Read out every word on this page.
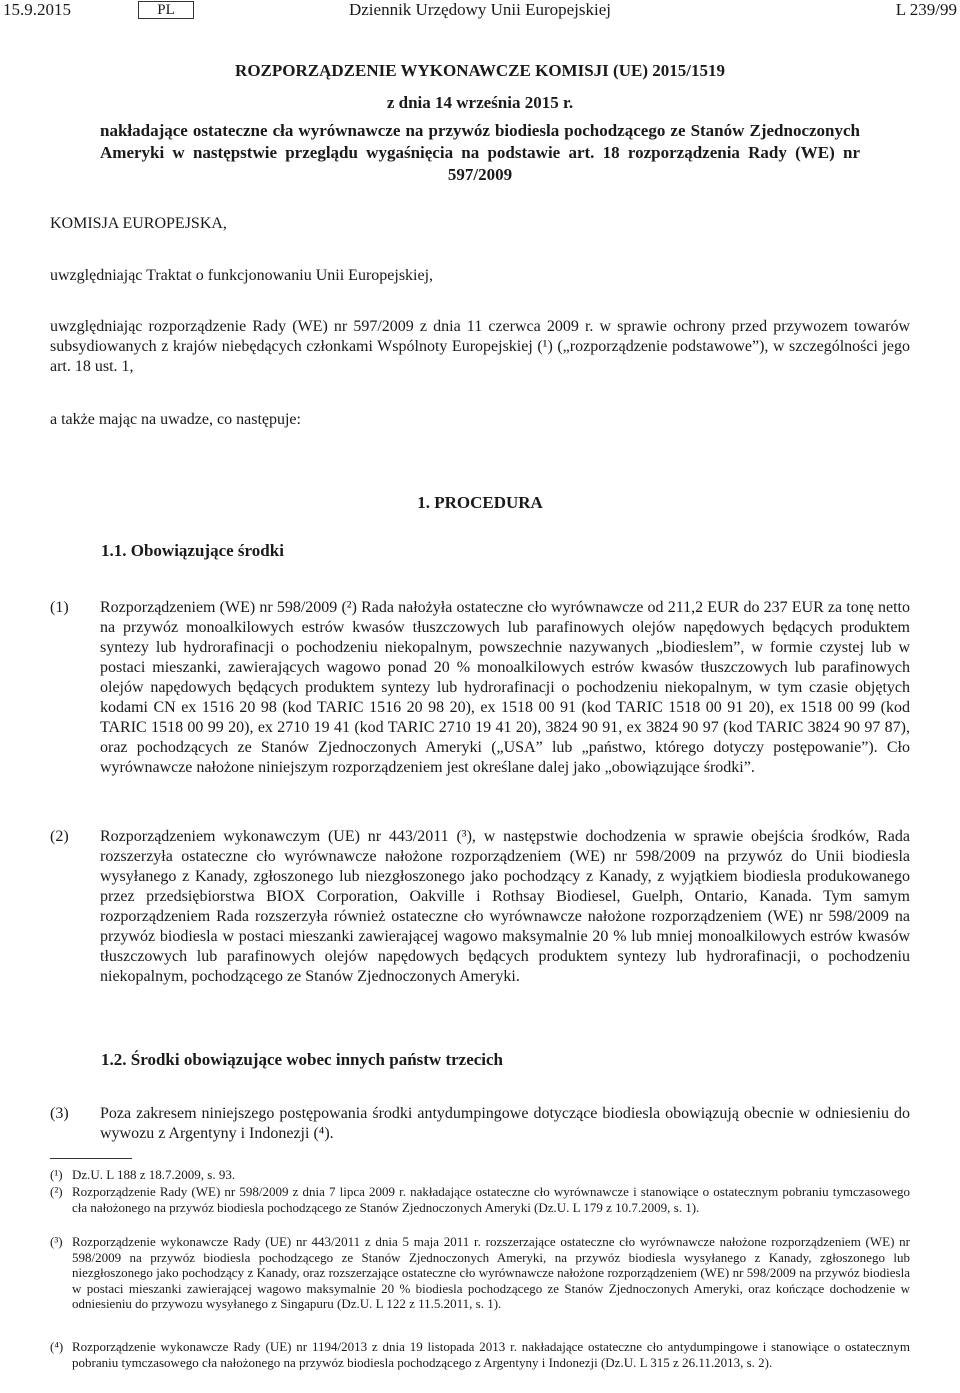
15.9.2015	PL	Dziennik Urzędowy Unii Europejskiej	L 239/99
ROZPORZĄDZENIE WYKONAWCZE KOMISJI (UE) 2015/1519
z dnia 14 września 2015 r.
nakładające ostateczne cła wyrównawcze na przywóz biodiesla pochodzącego ze Stanów Zjednoczonych Ameryki w następstwie przeglądu wygaśnięcia na podstawie art. 18 rozporządzenia Rady (WE) nr 597/2009
KOMISJA EUROPEJSKA,
uwzględniając Traktat o funkcjonowaniu Unii Europejskiej,
uwzględniając rozporządzenie Rady (WE) nr 597/2009 z dnia 11 czerwca 2009 r. w sprawie ochrony przed przywozem towarów subsydiowanych z krajów niebędących członkami Wspólnoty Europejskiej (¹) („rozporządzenie podstawowe”), w szczególności jego art. 18 ust. 1,
a także mając na uwadze, co następuje:
1. PROCEDURA
1.1. Obowiązujące środki
(1) Rozporządzeniem (WE) nr 598/2009 (²) Rada nałożyła ostateczne cło wyrównawcze od 211,2 EUR do 237 EUR za tonę netto na przywóz monoalkilowych estrów kwasów tłuszczowych lub parafinowych olejów napędowych będących produktem syntezy lub hydrorafinacji o pochodzeniu niekopalnym, powszechnie nazywanych „biodieslem”, w formie czystej lub w postaci mieszanki, zawierających wagowo ponad 20 % monoalkilowych estrów kwasów tłuszczowych lub parafinowych olejów napędowych będących produktem syntezy lub hydrorafinacji o pochodzeniu niekopalnym, w tym czasie objętych kodami CN ex 1516 20 98 (kod TARIC 1516 20 98 20), ex 1518 00 91 (kod TARIC 1518 00 91 20), ex 1518 00 99 (kod TARIC 1518 00 99 20), ex 2710 19 41 (kod TARIC 2710 19 41 20), 3824 90 91, ex 3824 90 97 (kod TARIC 3824 90 97 87), oraz pochodzących ze Stanów Zjednoczonych Ameryki („USA” lub „państwo, którego dotyczy postępowanie”). Cło wyrównawcze nałożone niniejszym rozporządzeniem jest określane dalej jako „obowiązujące środki”.
(2) Rozporządzeniem wykonawczym (UE) nr 443/2011 (³), w następstwie dochodzenia w sprawie obejścia środków, Rada rozszerzyła ostateczne cło wyrównawcze nałożone rozporządzeniem (WE) nr 598/2009 na przywóz do Unii biodiesla wysyłanego z Kanady, zgłoszonego lub niezgłoszonego jako pochodzący z Kanady, z wyjątkiem biodiesla produkowanego przez przedsiębiorstwa BIOX Corporation, Oakville i Rothsay Biodiesel, Guelph, Ontario, Kanada. Tym samym rozporządzeniem Rada rozszerzyła również ostateczne cło wyrównawcze nałożone rozporządzeniem (WE) nr 598/2009 na przywóz biodiesla w postaci mieszanki zawierającej wagowo maksymalnie 20 % lub mniej monoalkilowych estrów kwasów tłuszczowych lub parafinowych olejów napędowych będących produktem syntezy lub hydrorafinacji, o pochodzeniu niekopalnym, pochodzącego ze Stanów Zjednoczonych Ameryki.
1.2. Środki obowiązujące wobec innych państw trzecich
(3) Poza zakresem niniejszego postępowania środki antydumpingowe dotyczące biodiesla obowiązują obecnie w odniesieniu do wywozu z Argentyny i Indonezji (⁴).
(¹) Dz.U. L 188 z 18.7.2009, s. 93.
(²) Rozporządzenie Rady (WE) nr 598/2009 z dnia 7 lipca 2009 r. nakładające ostateczne cło wyrównawcze i stanowiące o ostatecznym pobraniu tymczasowego cła nałożonego na przywóz biodiesla pochodzącego ze Stanów Zjednoczonych Ameryki (Dz.U. L 179 z 10.7.2009, s. 1).
(³) Rozporządzenie wykonawcze Rady (UE) nr 443/2011 z dnia 5 maja 2011 r. rozszerzające ostateczne cło wyrównawcze nałożone rozporządzeniem (WE) nr 598/2009 na przywóz biodiesla pochodzącego ze Stanów Zjednoczonych Ameryki, na przywóz biodiesla wysyłanego z Kanady, zgłoszonego lub niezgłoszonego jako pochodzący z Kanady, oraz rozszerzające ostateczne cło wyrównawcze nałożone rozporządzeniem (WE) nr 598/2009 na przywóz biodiesla w postaci mieszanki zawierającej wagowo maksymalnie 20 % biodiesla pochodzącego ze Stanów Zjednoczonych Ameryki, oraz kończące dochodzenie w odniesieniu do przywozu wysyłanego z Singapuru (Dz.U. L 122 z 11.5.2011, s. 1).
(⁴) Rozporządzenie wykonawcze Rady (UE) nr 1194/2013 z dnia 19 listopada 2013 r. nakładające ostateczne cło antydumpingowe i stanowiące o ostatecznym pobraniu tymczasowego cła nałożonego na przywóz biodiesla pochodzącego z Argentyny i Indonezji (Dz.U. L 315 z 26.11.2013, s. 2).
